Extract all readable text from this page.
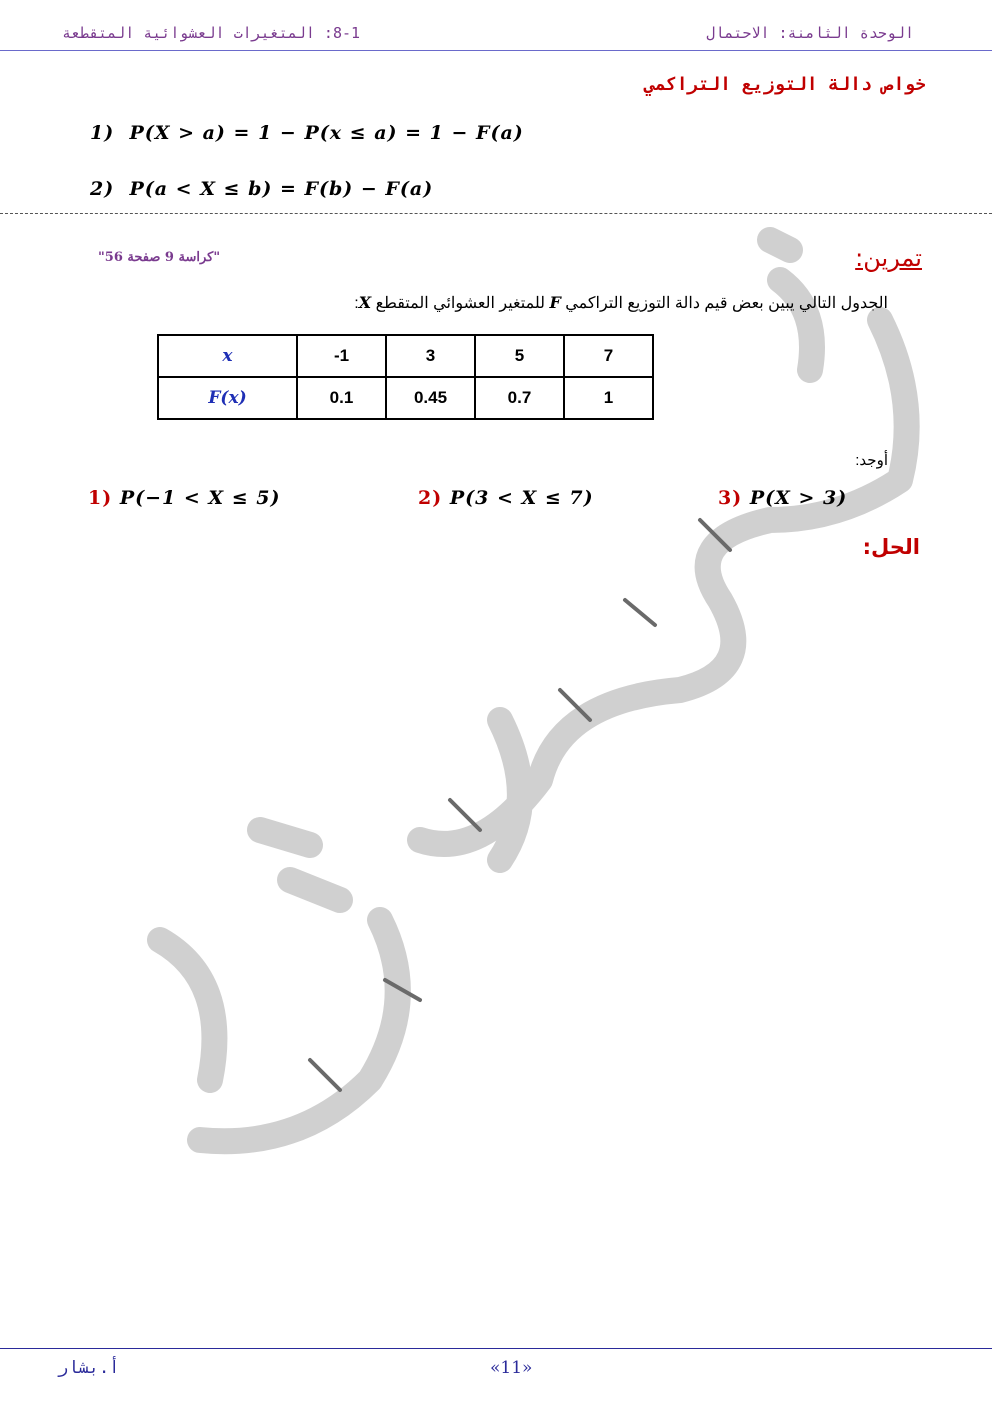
الوحدة الثامنة: الاحتمال
8-1: المتغيرات العشوائية المتقطعة
خواص دالة التوزيع التراكمي
1) P(X > a) = 1 − P(x ≤ a) = 1 − F(a)
2) P(a < X ≤ b) = F(b) − F(a)
تمرين:
"كراسة 9 صفحة 56"
الجدول التالي يبين بعض قيم دالة التوزيع التراكمي F للمتغير العشوائي المتقطع X:
x	-1	3	5	7
F(x)	0.1	0.45	0.7	1
أوجد:
1) P(−1 < X ≤ 5)	2) P(3 < X ≤ 7)	3) P(X > 3)
الحل:
أ.بشار	«11»
